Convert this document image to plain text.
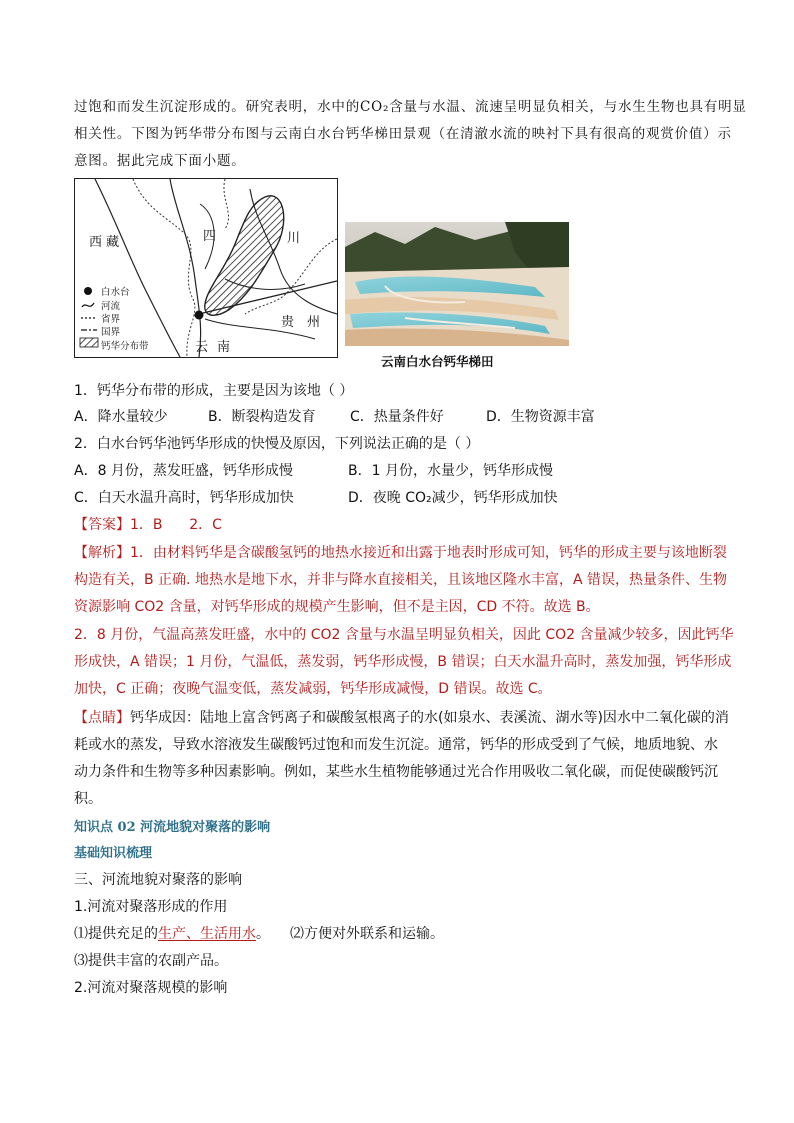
过饱和而发生沉淀形成的。研究表明，水中的CO₂含量与水温、流速呈明显负相关，与水生生物也具有明显
相关性。下图为钙华带分布图与云南白水台钙华梯田景观（在清澈水流的映衬下具有很高的观赏价值）示
意图。据此完成下面小题。
西 藏	四	川
贵 州
云 南
白水台
河流
省界
国界
钙华分布带
云南白水台钙华梯田
1．钙华分布带的形成，主要是因为该地（ ）
A．降水量较少	B．断裂构造发育 C．热量条件好	D．生物资源丰富
2．白水台钙华池钙华形成的快慢及原因，下列说法正确的是（ ）
A．8 月份，蒸发旺盛，钙华形成慢	B．1 月份，水量少，钙华形成慢
C．白天水温升高时，钙华形成加快	D．夜晚 CO₂减少，钙华形成加快
【答案】1．B      2．C
【解析】1．由材料钙华是含碳酸氢钙的地热水接近和出露于地表时形成可知，钙华的形成主要与该地断裂
构造有关，B 正确. 地热水是地下水，并非与降水直接相关，且该地区隆水丰富，A 错误，热量条件、生物
资源影响 CO2 含量，对钙华形成的规模产生影响，但不是主因，CD 不符。故选 B。
2．8 月份，气温高蒸发旺盛，水中的 CO2 含量与水温呈明显负相关，因此 CO2 含量减少较多，因此钙华
形成快，A 错误；1 月份，气温低，蒸发弱，钙华形成慢，B 错误；白天水温升高时，蒸发加强，钙华形成
加快，C 正确；夜晚气温变低，蒸发减弱，钙华形成减慢，D 错误。故选 C。
【点睛】钙华成因：陆地上富含钙离子和碳酸氢根离子的水(如泉水、表溪流、湖水等)因水中二氧化碳的消
耗或水的蒸发，导致水溶液发生碳酸钙过饱和而发生沉淀。通常，钙华的形成受到了气候，地质地貌、水
动力条件和生物等多种因素影响。例如，某些水生植物能够通过光合作用吸收二氧化碳，而促使碳酸钙沉
积。
知识点 02 河流地貌对聚落的影响
基础知识梳理
三、河流地貌对聚落的影响
1.河流对聚落形成的作用
⑴提供充足的生产、生活用水。 ⑵方便对外联系和运输。
⑶提供丰富的农副产品。
2.河流对聚落规模的影响
